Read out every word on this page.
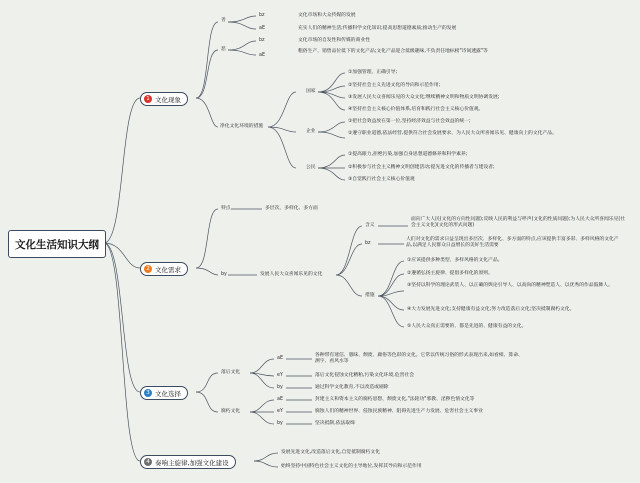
文化生活知识大纲
1 文化现象
善
恶
净化文化环境的措施
bz	文化市场和大众传媒的发展
aE	充实人们的精神生活;传播科学文化知识;提高思想道德素质;推动生产的发展
bz	文化市场的自发性和传媒的商业性
aE
粗俗生产、销售品位低下的文化产品;文化产品迎合低级趣味,不负责任地标榜"诗间透露"等
国家
企业
公民
①加强管理、正确引导;
②坚持社会主义先进文化的导向和示范作用;
③发展人民大众喜闻乐见的大众文化;继续精神文明和物质文明协调发展;
④坚持社会主义核心价值体系,培育和践行社会主义核心价值观。
①把社会效益放在第一位,坚持经济效益与社会效益的统一;
②遵守职业道德,依法经营,提供符合社会发展要求、为人民大众所喜闻乐见、健康向上的文化产品。
①提高眼力,拒绝污染,加强自身思想道德修养和科学素养;
②积极参与社会主义精神文明创建活动;提先进文化的传播者与建设者;
③自觉践行社会主义核心价值观
2 文化需求
特点	多层次、多样化、多方面
by	发展人民大众喜闻乐见的文化
含义
面向广大人民(文化的方向性问题);反映人民的利益与呼声(文化的性质问题);为人民大众所喜闻乐见(社会主义文化)(文化的形式问题)
bz
人们对文化的需求日益呈现出多层次、多样化、多方面的特点,应该提供丰富多彩、多样风格的文化产品,以满足人民群众日益增长的美好生活需要
措施
①应该提供多种类型、多样风格的文化产品。
②遵循弘扬主旋律、提倡多样化的原则。
③坚持以科学的理论武装人、以正确的舆论引导人、以高尚的精神塑造人、以优秀的作品鼓舞人。
④大力发展先进文化;支持健康有益文化;努力改造落后文化;坚决抵制腐朽文化。
⑤人民大众真正需要的、都是先进的、健康有益的文化。
3 文化选择
落后文化
腐朽文化
aE
各种带有迷信、愚昧、颓废、庸俗等色彩的文化。它常以传统习俗的形式表现出来,如看相、算命、测字、看风水等
eY	落后文化侵蚀文化精粕,污染文化环境,危害社会
by	通过科学文化教育,不以改造或剔除
aE	封建主义和资本主义的腐朽思想、颓废文化,"法轮功"邪教、淫秽色情文化等
eY	腐蚀人们的精神世界、侵蚀民族精神、阻碍先进生产力发展、危害社会主义事业
by	坚决抵制,依法取缔
4 奏响主旋律,加强文化建设
发展先进文化,改造落后文化,自觉抵制腐朽文化
始终坚持中国特色社会主义文化的主导地位,发挥其导向和示范作用
